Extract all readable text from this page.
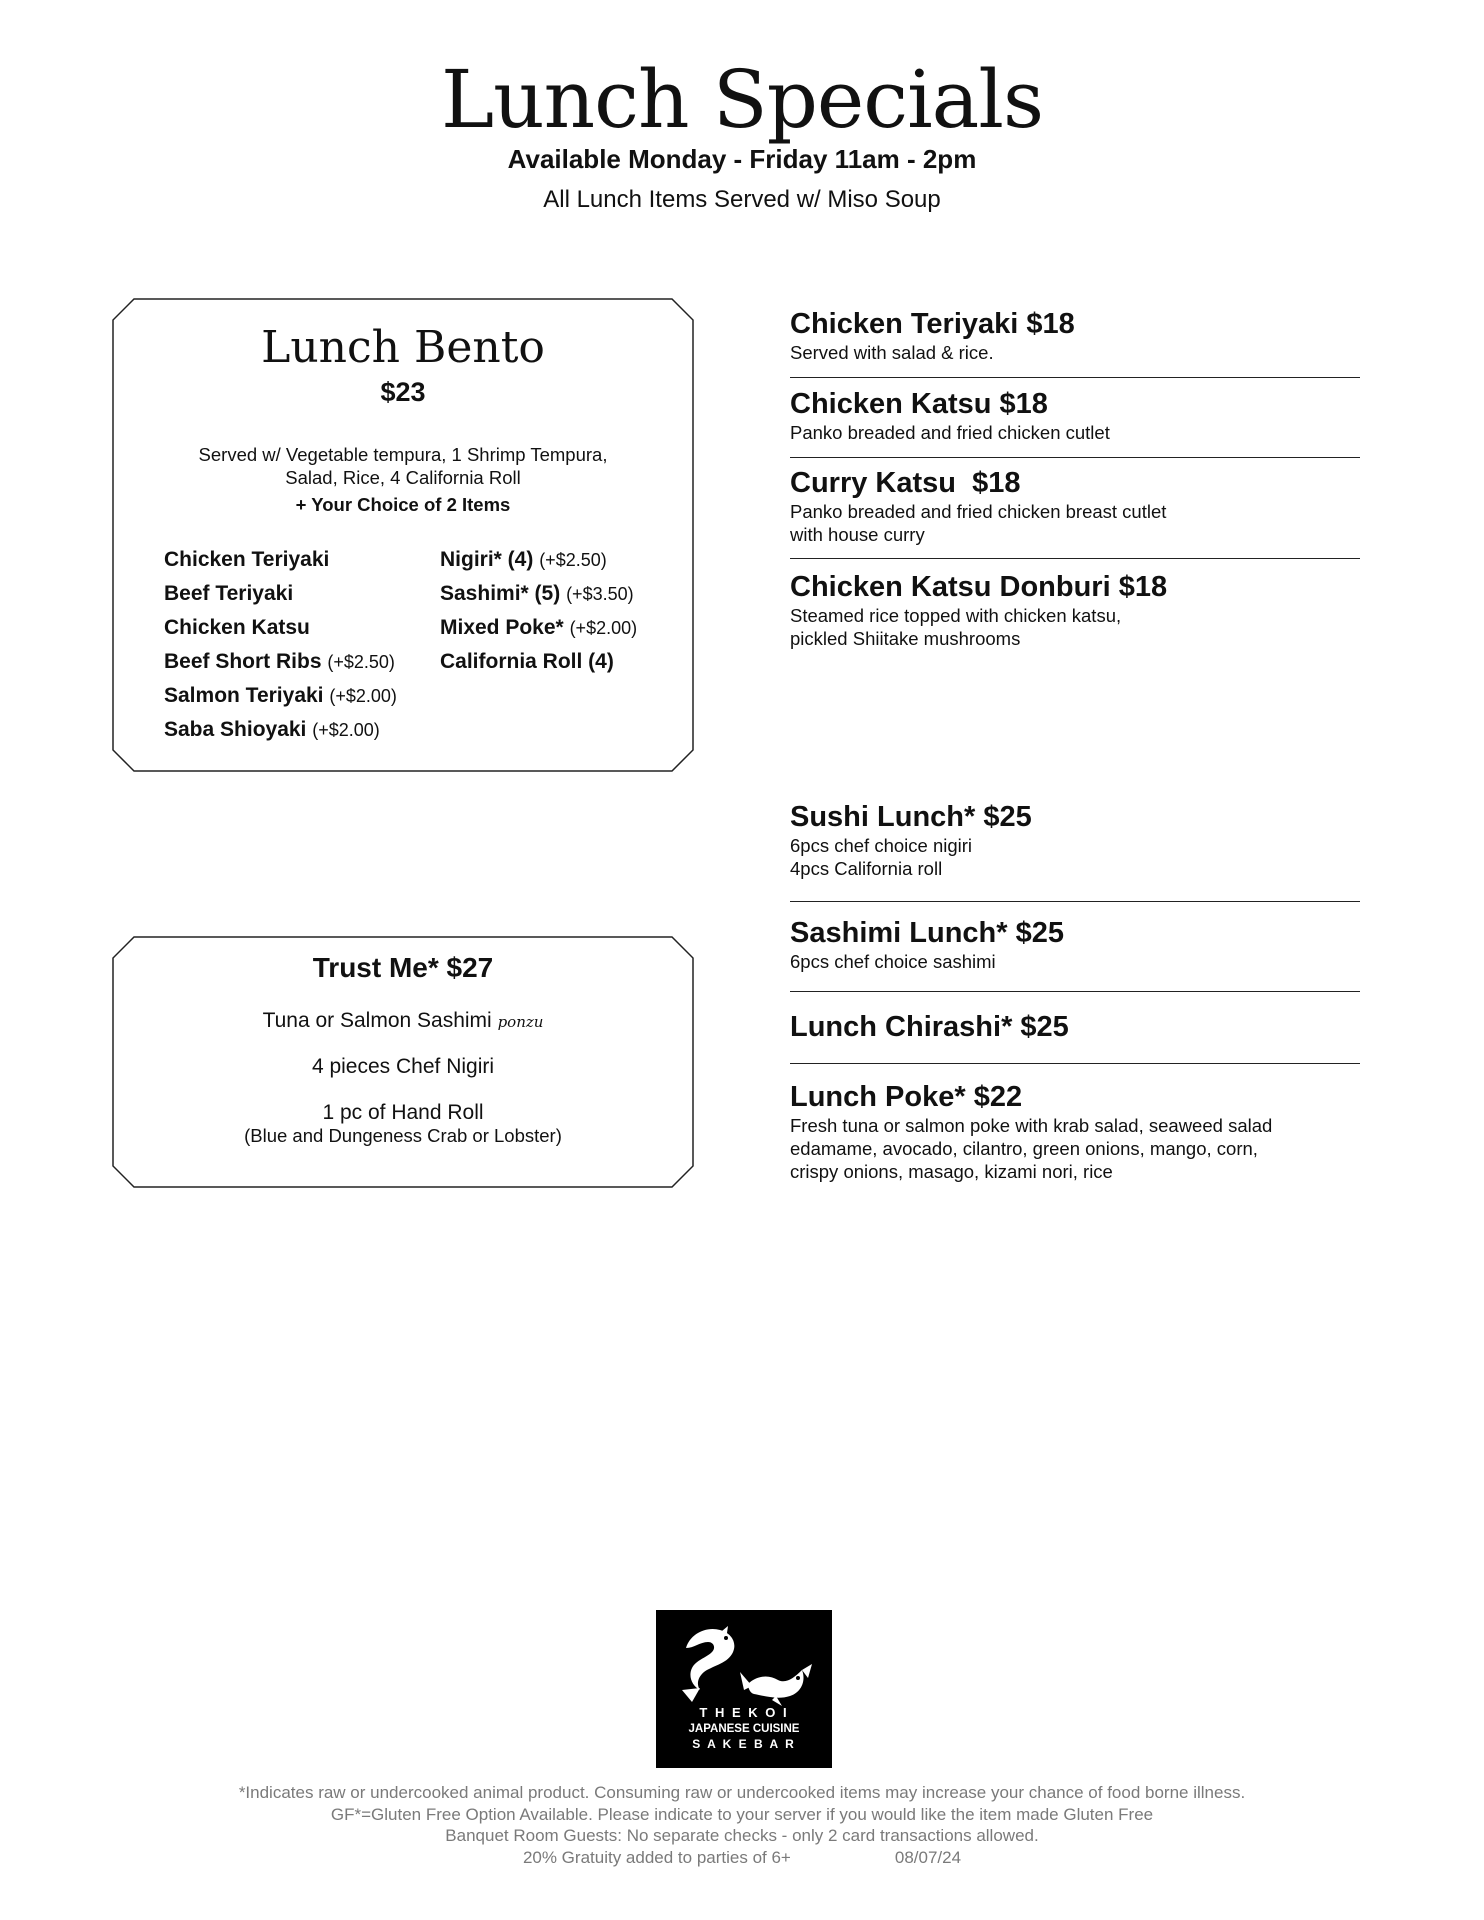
Lunch Specials
Available Monday - Friday 11am - 2pm
All Lunch Items Served w/ Miso Soup
Lunch Bento
$23
Served w/ Vegetable tempura, 1 Shrimp Tempura, Salad, Rice, 4 California Roll
+ Your Choice of 2 Items
Chicken Teriyaki
Beef Teriyaki
Chicken Katsu
Beef Short Ribs (+$2.50)
Salmon Teriyaki (+$2.00)
Saba Shioyaki (+$2.00)
Nigiri* (4) (+$2.50)
Sashimi* (5) (+$3.50)
Mixed Poke* (+$2.00)
California Roll (4)
Trust Me* $27
Tuna or Salmon Sashimi ponzu
4 pieces Chef Nigiri
1 pc of Hand Roll
(Blue and Dungeness Crab or Lobster)
Chicken Teriyaki $18
Served with salad & rice.
Chicken Katsu $18
Panko breaded and fried chicken cutlet
Curry Katsu  $18
Panko breaded and fried chicken breast cutlet
with house curry
Chicken Katsu Donburi $18
Steamed rice topped with chicken katsu,
pickled Shiitake mushrooms
Sushi Lunch* $25
6pcs chef choice nigiri
4pcs California roll
Sashimi Lunch* $25
6pcs chef choice sashimi
Lunch Chirashi* $25
Lunch Poke* $22
Fresh tuna or salmon poke with krab salad, seaweed salad
edamame, avocado, cilantro, green onions, mango, corn,
crispy onions, masago, kizami nori, rice
T H E K O I
JAPANESE CUISINE
S A K E B A R
*Indicates raw or undercooked animal product. Consuming raw or undercooked items may increase your chance of food borne illness.
GF*=Gluten Free Option Available. Please indicate to your server if you would like the item made Gluten Free
Banquet Room Guests: No separate checks - only 2 card transactions allowed.
20% Gratuity added to parties of 6+	08/07/24
